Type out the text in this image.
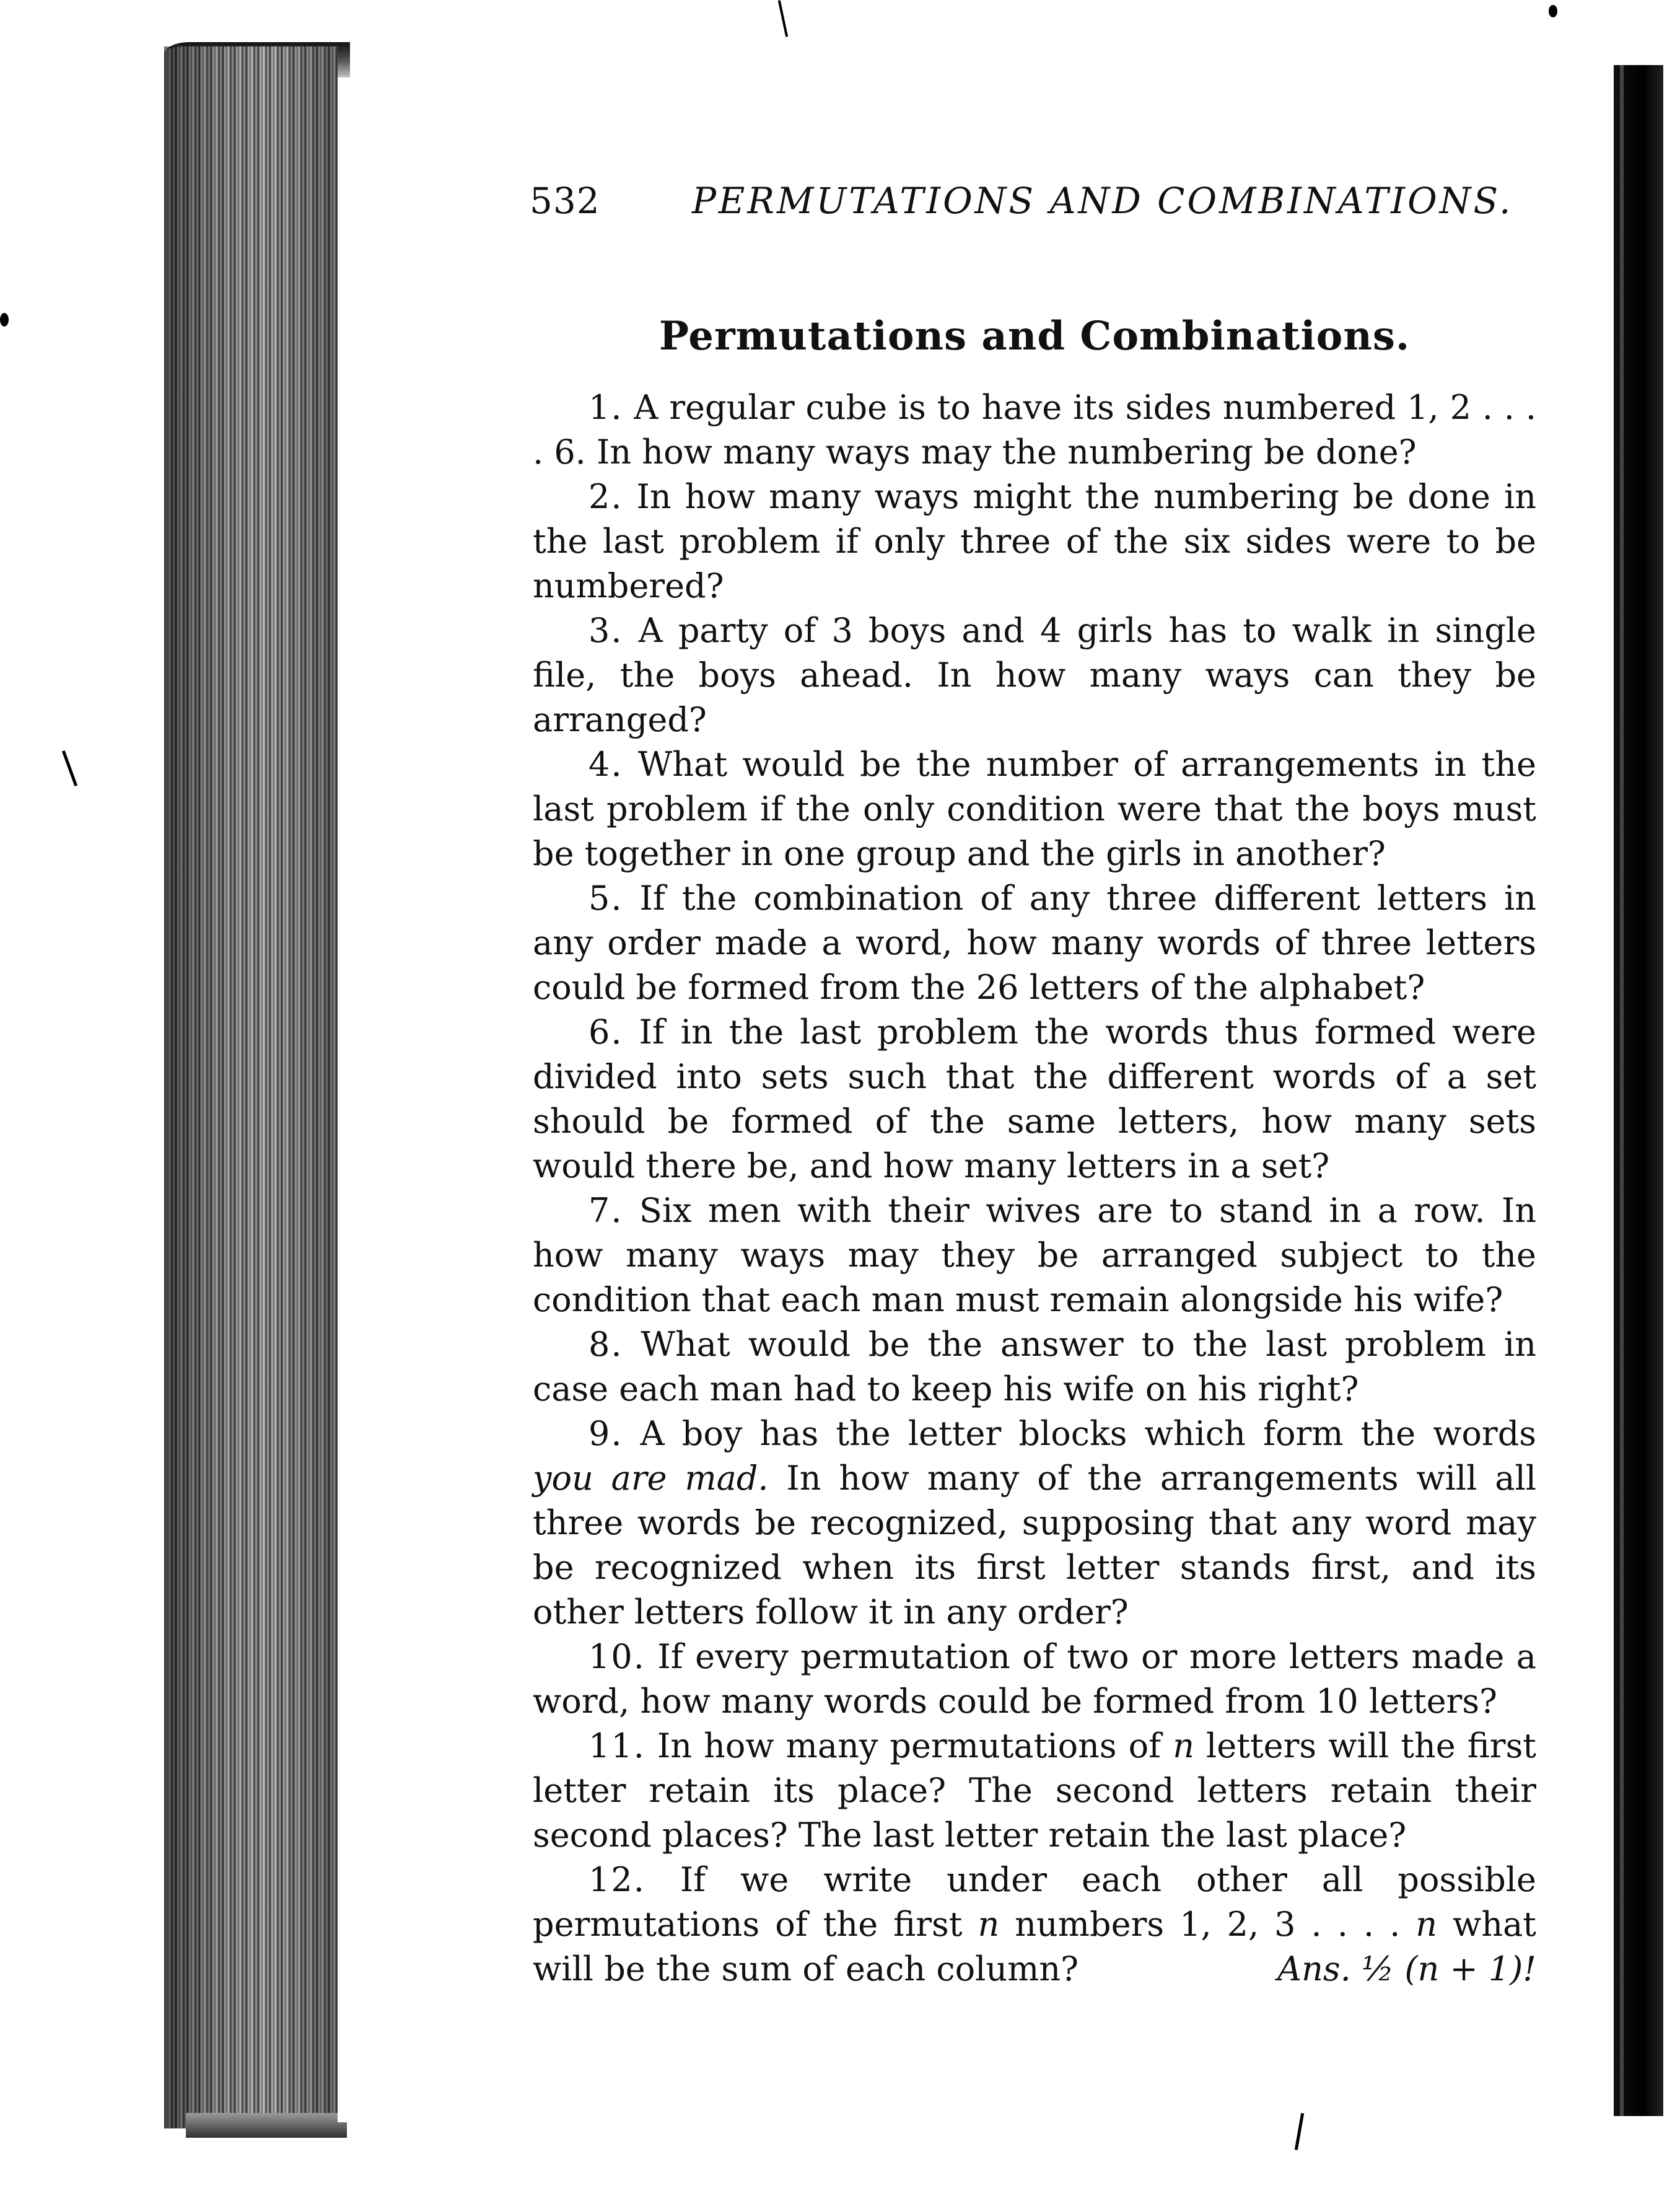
532	PERMUTATIONS AND COMBINATIONS.
Permutations and Combinations.

1. A regular cube is to have its sides numbered 1, 2 . . . . 6. In how many ways may the numbering be done?

2. In how many ways might the numbering be done in the last problem if only three of the six sides were to be numbered?

3. A party of 3 boys and 4 girls has to walk in single file, the boys ahead. In how many ways can they be arranged?

4. What would be the number of arrangements in the last problem if the only condition were that the boys must be together in one group and the girls in another?

5. If the combination of any three different letters in any order made a word, how many words of three letters could be formed from the 26 letters of the alphabet?

6. If in the last problem the words thus formed were divided into sets such that the different words of a set should be formed of the same letters, how many sets would there be, and how many letters in a set?

7. Six men with their wives are to stand in a row. In how many ways may they be arranged subject to the condition that each man must remain alongside his wife?

8. What would be the answer to the last problem in case each man had to keep his wife on his right?

9. A boy has the letter blocks which form the words you are mad. In how many of the arrangements will all three words be recognized, supposing that any word may be recognized when its first letter stands first, and its other letters follow it in any order?

10. If every permutation of two or more letters made a word, how many words could be formed from 10 letters?

11. In how many permutations of n letters will the first letter retain its place? The second letters retain their second places? The last letter retain the last place?

12. If we write under each other all possible permutations of the first n numbers 1, 2, 3 . . . . n what will be the sum of each column?	Ans. ½ (n + 1)!
